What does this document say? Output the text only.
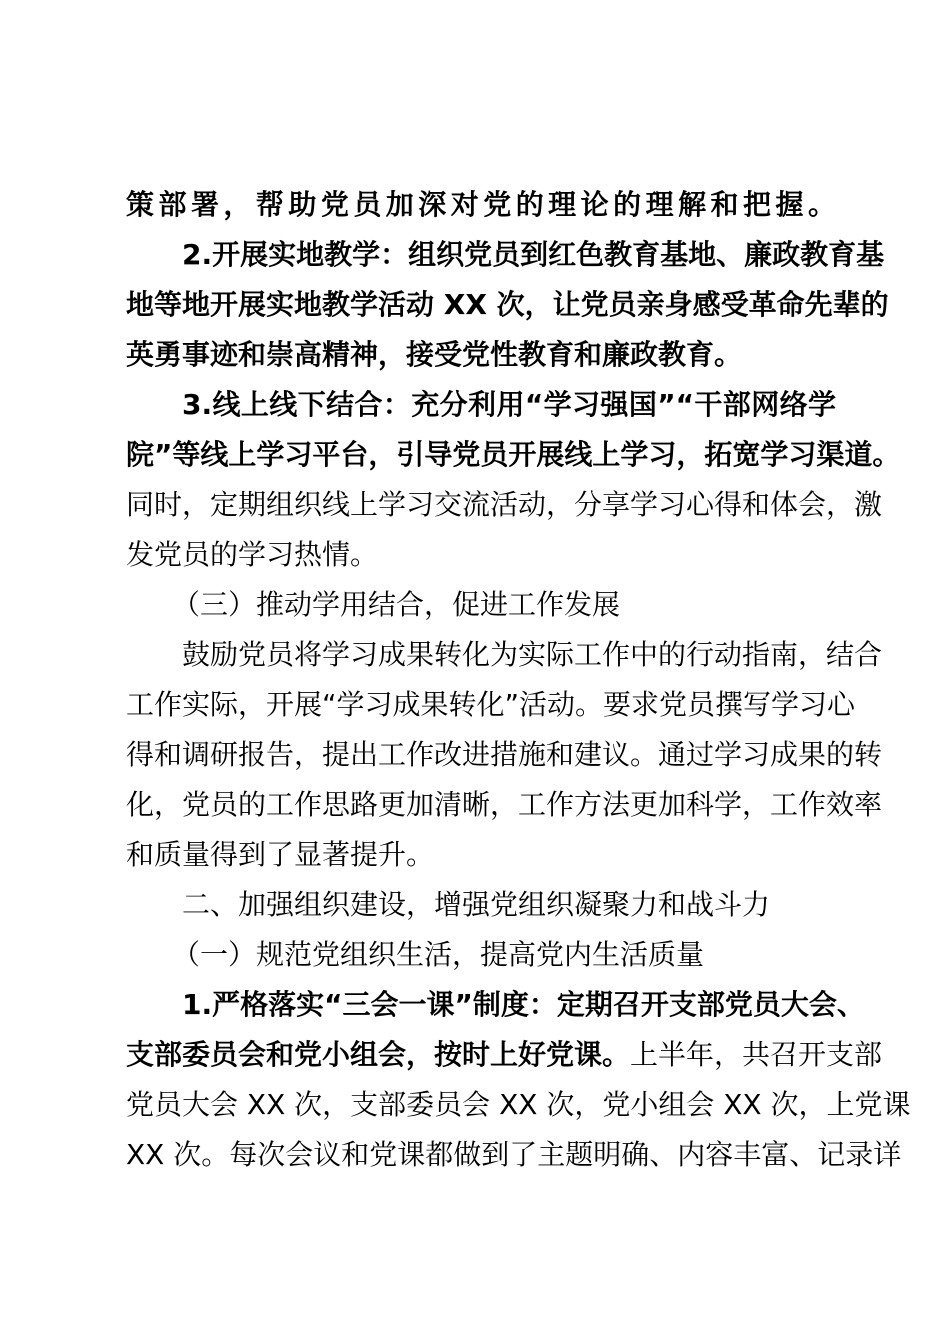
策部署，帮助党员加深对党的理论的理解和把握。
2.开展实地教学：组织党员到红色教育基地、廉政教育基
地等地开展实地教学活动 XX 次，让党员亲身感受革命先辈的
英勇事迹和崇高精神，接受党性教育和廉政教育。
3.线上线下结合：充分利用“学习强国”“干部网络学
院”等线上学习平台，引导党员开展线上学习，拓宽学习渠道。
同时，定期组织线上学习交流活动，分享学习心得和体会，激
发党员的学习热情。
（三）推动学用结合，促进工作发展
鼓励党员将学习成果转化为实际工作中的行动指南，结合
工作实际，开展“学习成果转化”活动。要求党员撰写学习心
得和调研报告，提出工作改进措施和建议。通过学习成果的转
化，党员的工作思路更加清晰，工作方法更加科学，工作效率
和质量得到了显著提升。
二、加强组织建设，增强党组织凝聚力和战斗力
（一）规范党组织生活，提高党内生活质量
1.严格落实“三会一课”制度：定期召开支部党员大会、
支部委员会和党小组会，按时上好党课。上半年，共召开支部
党员大会 XX 次，支部委员会 XX 次，党小组会 XX 次，上党课
XX 次。每次会议和党课都做到了主题明确、内容丰富、记录详
